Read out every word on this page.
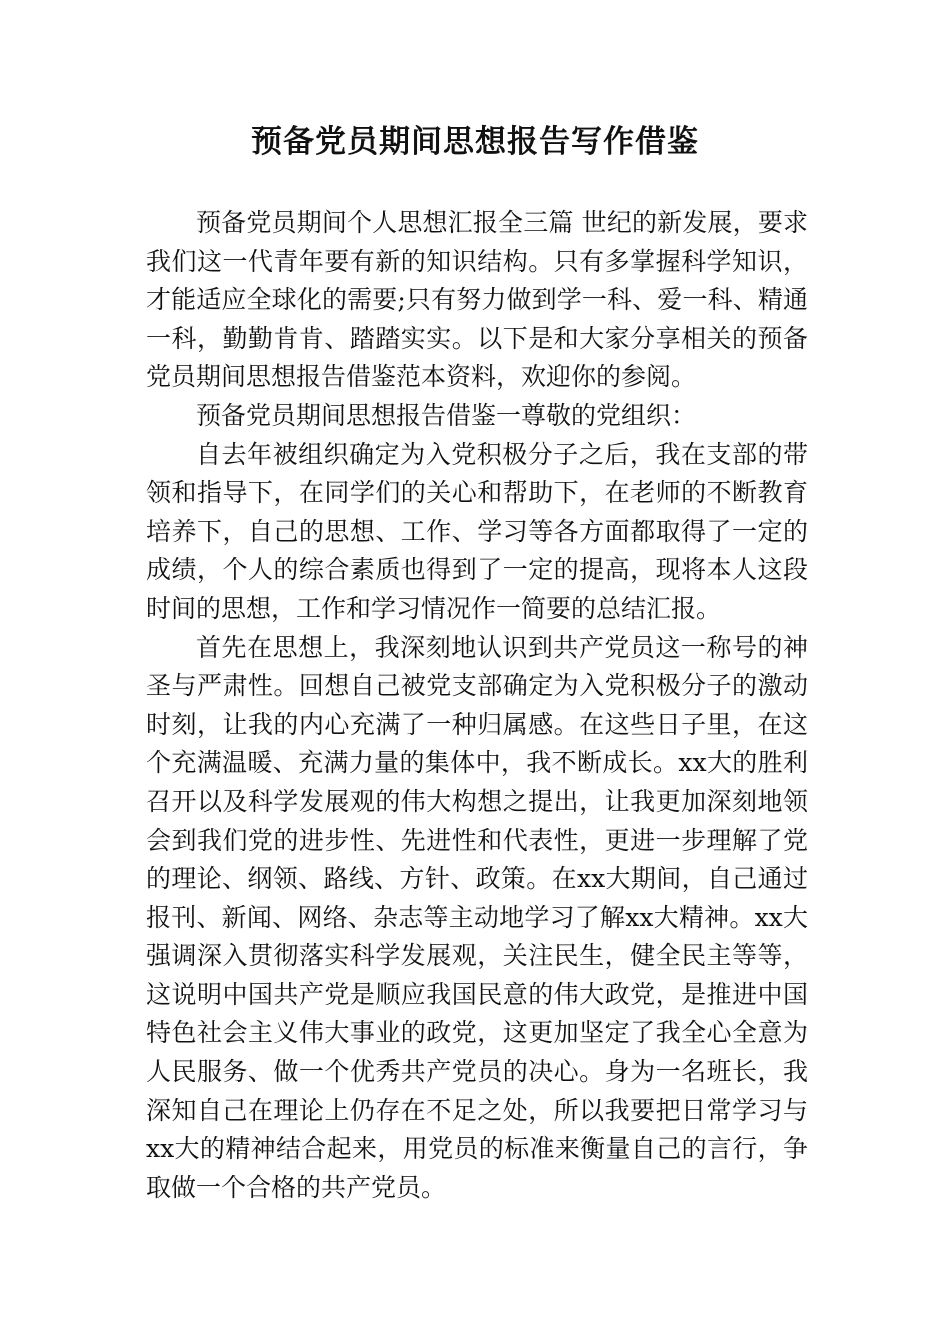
预备党员期间思想报告写作借鉴

预备党员期间个人思想汇报全三篇 世纪的新发展，要求我们这一代青年要有新的知识结构。只有多掌握科学知识，才能适应全球化的需要;只有努力做到学一科、爱一科、精通一科，勤勤肯肯、踏踏实实。以下是和大家分享相关的预备党员期间思想报告借鉴范本资料，欢迎你的参阅。

预备党员期间思想报告借鉴一尊敬的党组织：

自去年被组织确定为入党积极分子之后，我在支部的带领和指导下，在同学们的关心和帮助下，在老师的不断教育培养下，自己的思想、工作、学习等各方面都取得了一定的成绩，个人的综合素质也得到了一定的提高，现将本人这段时间的思想，工作和学习情况作一简要的总结汇报。

首先在思想上，我深刻地认识到共产党员这一称号的神圣与严肃性。回想自己被党支部确定为入党积极分子的激动时刻，让我的内心充满了一种归属感。在这些日子里，在这个充满温暖、充满力量的集体中，我不断成长。xx大的胜利召开以及科学发展观的伟大构想之提出，让我更加深刻地领会到我们党的进步性、先进性和代表性，更进一步理解了党的理论、纲领、路线、方针、政策。在xx大期间，自己通过报刊、新闻、网络、杂志等主动地学习了解xx大精神。xx大强调深入贯彻落实科学发展观，关注民生，健全民主等等，这说明中国共产党是顺应我国民意的伟大政党，是推进中国特色社会主义伟大事业的政党，这更加坚定了我全心全意为人民服务、做一个优秀共产党员的决心。身为一名班长，我深知自己在理论上仍存在不足之处，所以我要把日常学习与xx大的精神结合起来，用党员的标准来衡量自己的言行，争取做一个合格的共产党员。
